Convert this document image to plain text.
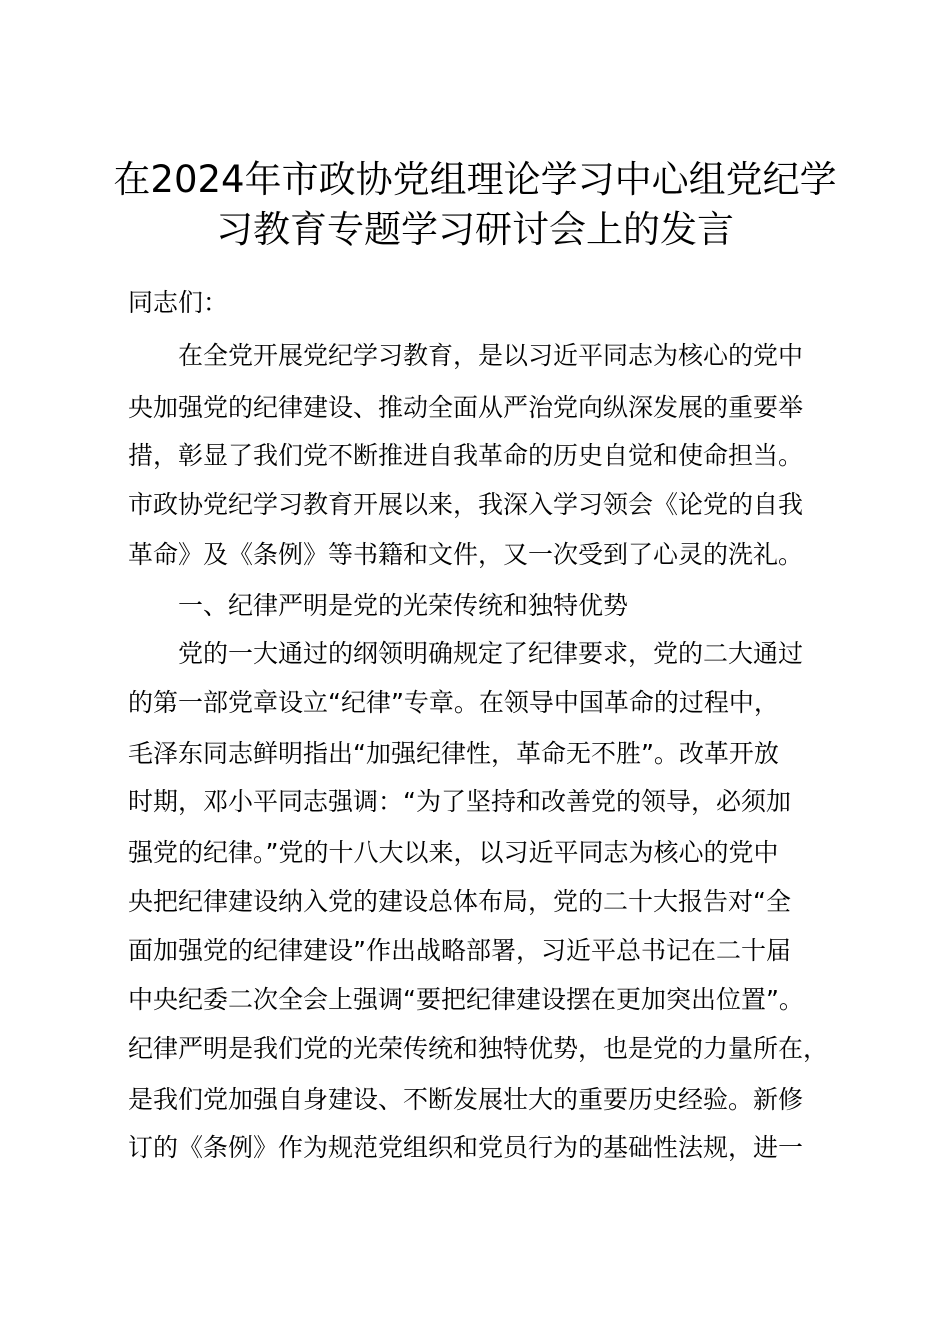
在2024年市政协党组理论学习中心组党纪学
习教育专题学习研讨会上的发言
同志们：
在全党开展党纪学习教育，是以习近平同志为核心的党中
央加强党的纪律建设、推动全面从严治党向纵深发展的重要举
措，彰显了我们党不断推进自我革命的历史自觉和使命担当。
市政协党纪学习教育开展以来，我深入学习领会《论党的自我
革命》及《条例》等书籍和文件，又一次受到了心灵的洗礼。
一、纪律严明是党的光荣传统和独特优势
党的一大通过的纲领明确规定了纪律要求，党的二大通过
的第一部党章设立“纪律”专章。在领导中国革命的过程中，
毛泽东同志鲜明指出“加强纪律性，革命无不胜”。改革开放
时期，邓小平同志强调：“为了坚持和改善党的领导，必须加
强党的纪律。”党的十八大以来，以习近平同志为核心的党中
央把纪律建设纳入党的建设总体布局，党的二十大报告对“全
面加强党的纪律建设”作出战略部署，习近平总书记在二十届
中央纪委二次全会上强调“要把纪律建设摆在更加突出位置”。
纪律严明是我们党的光荣传统和独特优势，也是党的力量所在，
是我们党加强自身建设、不断发展壮大的重要历史经验。新修
订的《条例》作为规范党组织和党员行为的基础性法规，进一
